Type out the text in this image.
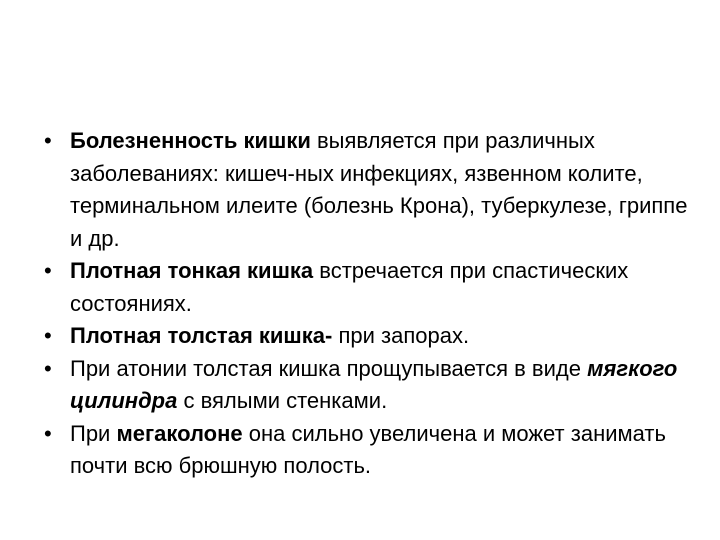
• Болезненность кишки выявляется при различных заболеваниях: кишеч-ных инфекциях, язвенном колите, терминальном илеите (болезнь Крона), туберкулезе, гриппе и др.
• Плотная тонкая кишка встречается при спастических состояниях.
• Плотная толстая кишка- при запорах.
• При атонии толстая кишка прощупывается в виде мягкого цилиндра с вялыми стенками.
• При мегаколоне она сильно увеличена и может занимать почти всю брюшную полость.
